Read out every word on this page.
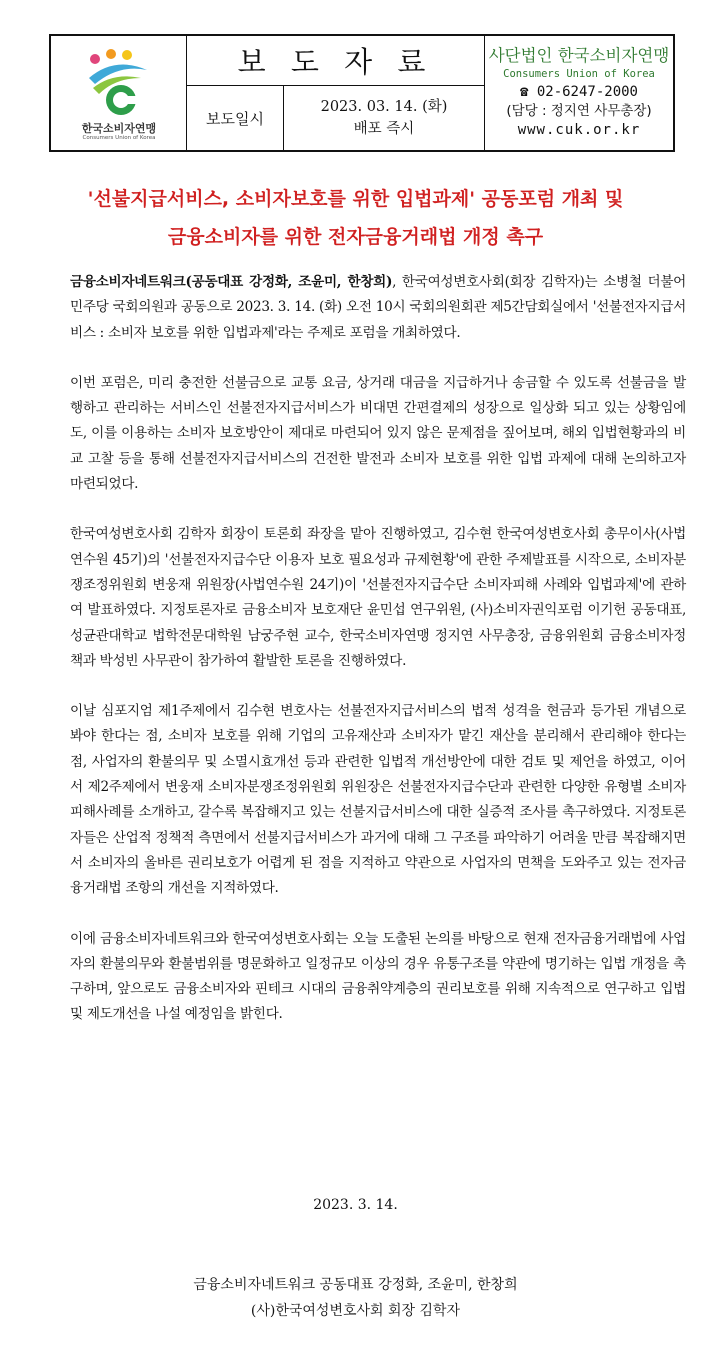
한국소비자연맹
Consumers Union of Korea
보 도 자 료
보도일시
2023. 03. 14. (화)
배포 즉시
사단법인 한국소비자연맹
Consumers Union of Korea
☎ 02-6247-2000
(담당 : 정지연 사무총장)
www.cuk.or.kr
'선불지급서비스, 소비자보호를 위한 입법과제' 공동포럼 개최 및
금융소비자를 위한 전자금융거래법 개정 촉구

금융소비자네트워크(공동대표 강정화, 조윤미, 한창희), 한국여성변호사회(회장 김학자)는 소병철 더불어민주당 국회의원과 공동으로 2023. 3. 14. (화) 오전 10시 국회의원회관 제5간담회실에서 '선불전자지급서비스 : 소비자 보호를 위한 입법과제'라는 주제로 포럼을 개최하였다.

이번 포럼은, 미리 충전한 선불금으로 교통 요금, 상거래 대금을 지급하거나 송금할 수 있도록 선불금을 발행하고 관리하는 서비스인 선불전자지급서비스가 비대면 간편결제의 성장으로 일상화 되고 있는 상황임에도, 이를 이용하는 소비자 보호방안이 제대로 마련되어 있지 않은 문제점을 짚어보며, 해외 입법현황과의 비교 고찰 등을 통해 선불전자지급서비스의 건전한 발전과 소비자 보호를 위한 입법 과제에 대해 논의하고자 마련되었다.

한국여성변호사회 김학자 회장이 토론회 좌장을 맡아 진행하였고, 김수현 한국여성변호사회 총무이사(사법연수원 45기)의 '선불전자지급수단 이용자 보호 필요성과 규제현황'에 관한 주제발표를 시작으로, 소비자분쟁조정위원회 변웅재 위원장(사법연수원 24기)이 '선불전자지급수단 소비자피해 사례와 입법과제'에 관하여 발표하였다. 지정토론자로 금융소비자 보호재단 윤민섭 연구위원, (사)소비자권익포럼 이기헌 공동대표, 성균관대학교 법학전문대학원 남궁주현 교수, 한국소비자연맹 정지연 사무총장, 금융위원회 금융소비자정책과 박성빈 사무관이 참가하여 활발한 토론을 진행하였다.

이날 심포지엄 제1주제에서 김수현 변호사는 선불전자지급서비스의 법적 성격을 현금과 등가된 개념으로 봐야 한다는 점, 소비자 보호를 위해 기업의 고유재산과 소비자가 맡긴 재산을 분리해서 관리해야 한다는 점, 사업자의 환불의무 및 소멸시효개선 등과 관련한 입법적 개선방안에 대한 검토 및 제언을 하였고, 이어서 제2주제에서 변웅재 소비자분쟁조정위원회 위원장은 선불전자지급수단과 관련한 다양한 유형별 소비자피해사례를 소개하고, 갈수록 복잡해지고 있는 선불지급서비스에 대한 실증적 조사를 촉구하였다. 지정토론자들은 산업적 정책적 측면에서 선불지급서비스가 과거에 대해 그 구조를 파악하기 어려울 만큼 복잡해지면서 소비자의 올바른 권리보호가 어렵게 된 점을 지적하고 약관으로 사업자의 면책을 도와주고 있는 전자금융거래법 조항의 개선을 지적하였다.

이에 금융소비자네트워크와 한국여성변호사회는 오늘 도출된 논의를 바탕으로 현재 전자금융거래법에 사업자의 환불의무와 환불범위를 명문화하고 일정규모 이상의 경우 유통구조를 약관에 명기하는 입법 개정을 촉구하며, 앞으로도 금융소비자와 핀테크 시대의 금융취약계층의 권리보호를 위해 지속적으로 연구하고 입법 및 제도개선을 나설 예정임을 밝힌다.

2023. 3. 14.
금융소비자네트워크 공동대표 강정화, 조윤미, 한창희
(사)한국여성변호사회 회장 김학자
